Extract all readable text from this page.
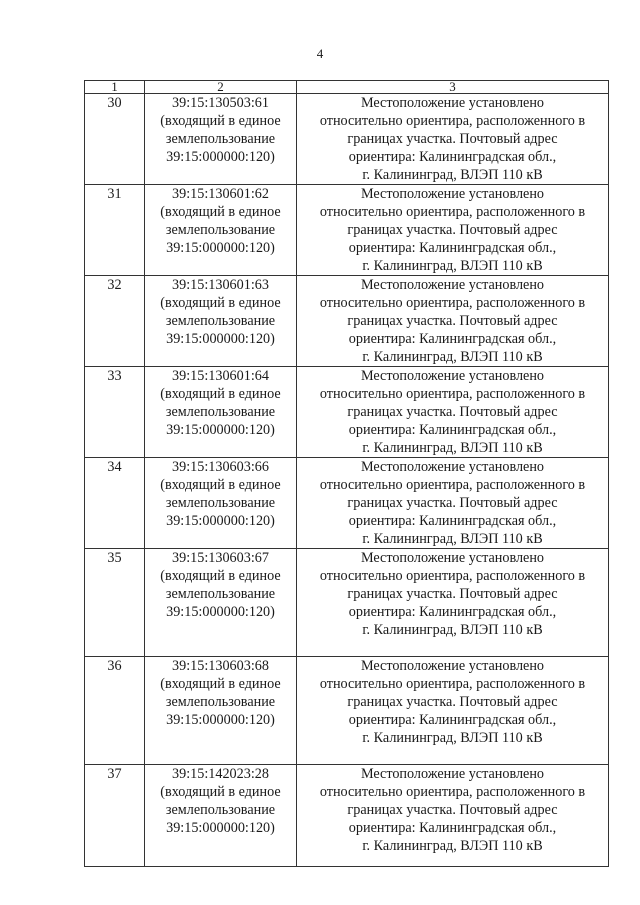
4
1	2	3
30	39:15:130503:61
(входящий в единое
землепользование
39:15:000000:120)	Местоположение установлено
относительно ориентира, расположенного в
границах участка. Почтовый адрес
ориентира: Калининградская обл.,
г. Калининград, ВЛЭП 110 кВ

31	39:15:130601:62
(входящий в единое
землепользование
39:15:000000:120)	Местоположение установлено
относительно ориентира, расположенного в
границах участка. Почтовый адрес
ориентира: Калининградская обл.,
г. Калининград, ВЛЭП 110 кВ

32	39:15:130601:63
(входящий в единое
землепользование
39:15:000000:120)	Местоположение установлено
относительно ориентира, расположенного в
границах участка. Почтовый адрес
ориентира: Калининградская обл.,
г. Калининград, ВЛЭП 110 кВ

33	39:15:130601:64
(входящий в единое
землепользование
39:15:000000:120)	Местоположение установлено
относительно ориентира, расположенного в
границах участка. Почтовый адрес
ориентира: Калининградская обл.,
г. Калининград, ВЛЭП 110 кВ

34	39:15:130603:66
(входящий в единое
землепользование
39:15:000000:120)	Местоположение установлено
относительно ориентира, расположенного в
границах участка. Почтовый адрес
ориентира: Калининградская обл.,
г. Калининград, ВЛЭП 110 кВ

35	39:15:130603:67
(входящий в единое
землепользование
39:15:000000:120)	Местоположение установлено
относительно ориентира, расположенного в
границах участка. Почтовый адрес
ориентира: Калининградская обл.,
г. Калининград, ВЛЭП 110 кВ

36	39:15:130603:68
(входящий в единое
землепользование
39:15:000000:120)	Местоположение установлено
относительно ориентира, расположенного в
границах участка. Почтовый адрес
ориентира: Калининградская обл.,
г. Калининград, ВЛЭП 110 кВ

37	39:15:142023:28
(входящий в единое
землепользование
39:15:000000:120)	Местоположение установлено
относительно ориентира, расположенного в
границах участка. Почтовый адрес
ориентира: Калининградская обл.,
г. Калининград, ВЛЭП 110 кВ
